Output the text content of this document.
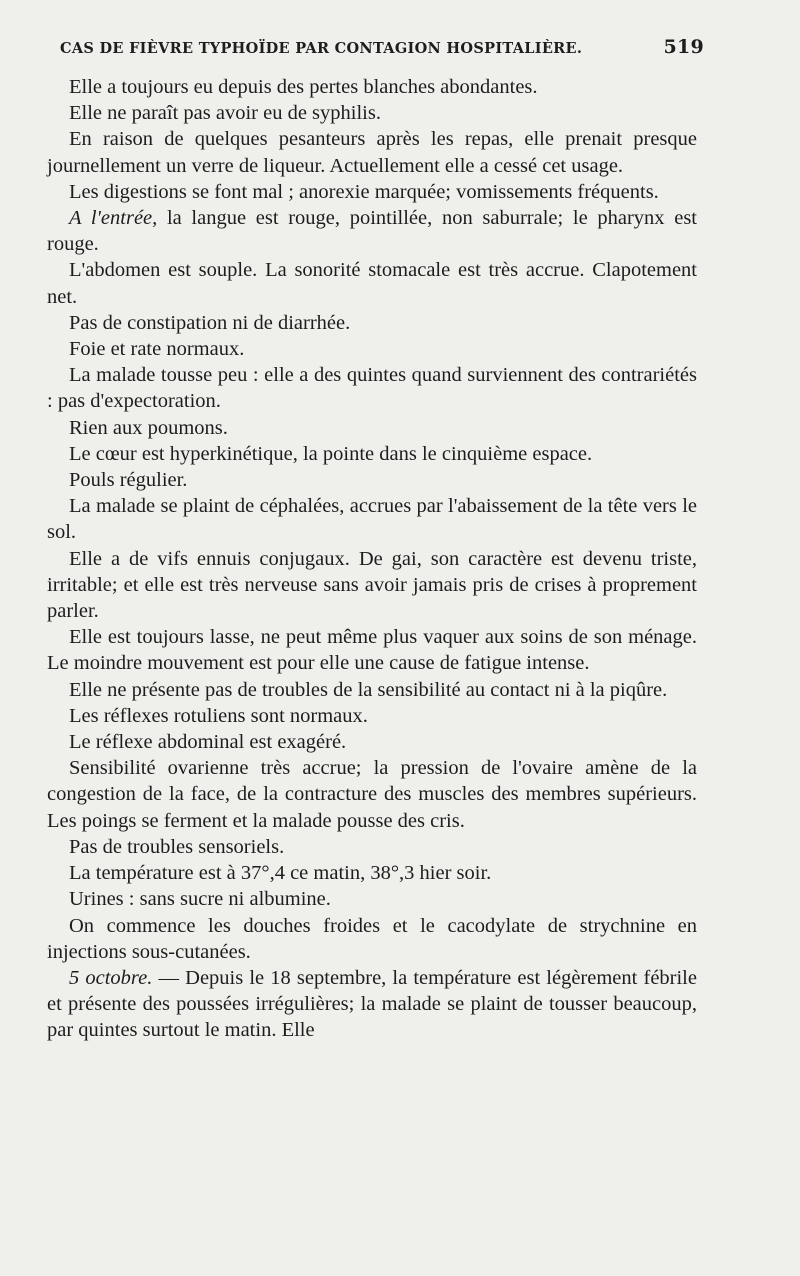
CAS DE FIÈVRE TYPHOÏDE PAR CONTAGION HOSPITALIÈRE.	519

Elle a toujours eu depuis des pertes blanches abondantes.

Elle ne paraît pas avoir eu de syphilis.

En raison de quelques pesanteurs après les repas, elle prenait presque journellement un verre de liqueur. Actuellement elle a cessé cet usage.

Les digestions se font mal ; anorexie marquée; vomissements fréquents.

A l'entrée, la langue est rouge, pointillée, non saburrale; le pharynx est rouge.

L'abdomen est souple. La sonorité stomacale est très accrue. Clapotement net.

Pas de constipation ni de diarrhée.

Foie et rate normaux.

La malade tousse peu : elle a des quintes quand surviennent des contrariétés : pas d'expectoration.

Rien aux poumons.

Le cœur est hyperkinétique, la pointe dans le cinquième espace.

Pouls régulier.

La malade se plaint de céphalées, accrues par l'abaissement de la tête vers le sol.

Elle a de vifs ennuis conjugaux. De gai, son caractère est devenu triste, irritable; et elle est très nerveuse sans avoir jamais pris de crises à proprement parler.

Elle est toujours lasse, ne peut même plus vaquer aux soins de son ménage. Le moindre mouvement est pour elle une cause de fatigue intense.

Elle ne présente pas de troubles de la sensibilité au contact ni à la piqûre.

Les réflexes rotuliens sont normaux.

Le réflexe abdominal est exagéré.

Sensibilité ovarienne très accrue; la pression de l'ovaire amène de la congestion de la face, de la contracture des muscles des membres supérieurs. Les poings se ferment et la malade pousse des cris.

Pas de troubles sensoriels.

La température est à 37°,4 ce matin, 38°,3 hier soir.

Urines : sans sucre ni albumine.

On commence les douches froides et le cacodylate de strychnine en injections sous-cutanées.

5 octobre. — Depuis le 18 septembre, la température est légèrement fébrile et présente des poussées irrégulières; la malade se plaint de tousser beaucoup, par quintes surtout le matin. Elle
